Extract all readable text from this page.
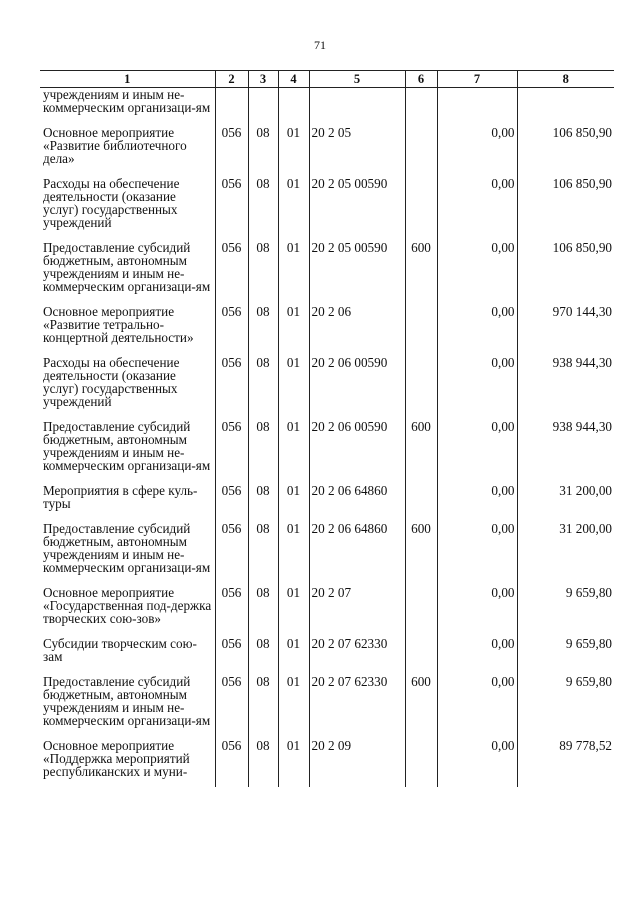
71
1	2	3	4	5	6	7	8
учреждениям и иным не-коммерческим организаци-ям							
Основное мероприятие «Развитие библиотечного дела»	056	08	01	20 2 05		0,00	106 850,90
Расходы на обеспечение деятельности (оказание услуг) государственных учреждений	056	08	01	20 2 05 00590		0,00	106 850,90
Предоставление субсидий бюджетным, автономным учреждениям и иным не-коммерческим организаци-ям	056	08	01	20 2 05 00590	600	0,00	106 850,90
Основное мероприятие «Развитие тетрально-концертной деятельности»	056	08	01	20 2 06		0,00	970 144,30
Расходы на обеспечение деятельности (оказание услуг) государственных учреждений	056	08	01	20 2 06 00590		0,00	938 944,30
Предоставление субсидий бюджетным, автономным учреждениям и иным не-коммерческим организаци-ям	056	08	01	20 2 06 00590	600	0,00	938 944,30
Мероприятия в сфере куль-туры	056	08	01	20 2 06 64860		0,00	31 200,00
Предоставление субсидий бюджетным, автономным учреждениям и иным не-коммерческим организаци-ям	056	08	01	20 2 06 64860	600	0,00	31 200,00
Основное мероприятие «Государственная под-держка творческих сою-зов»	056	08	01	20 2 07		0,00	9 659,80
Субсидии творческим сою-зам	056	08	01	20 2 07 62330		0,00	9 659,80
Предоставление субсидий бюджетным, автономным учреждениям и иным не-коммерческим организаци-ям	056	08	01	20 2 07 62330	600	0,00	9 659,80
Основное мероприятие «Поддержка мероприятий республиканских и муни-	056	08	01	20 2 09		0,00	89 778,52
